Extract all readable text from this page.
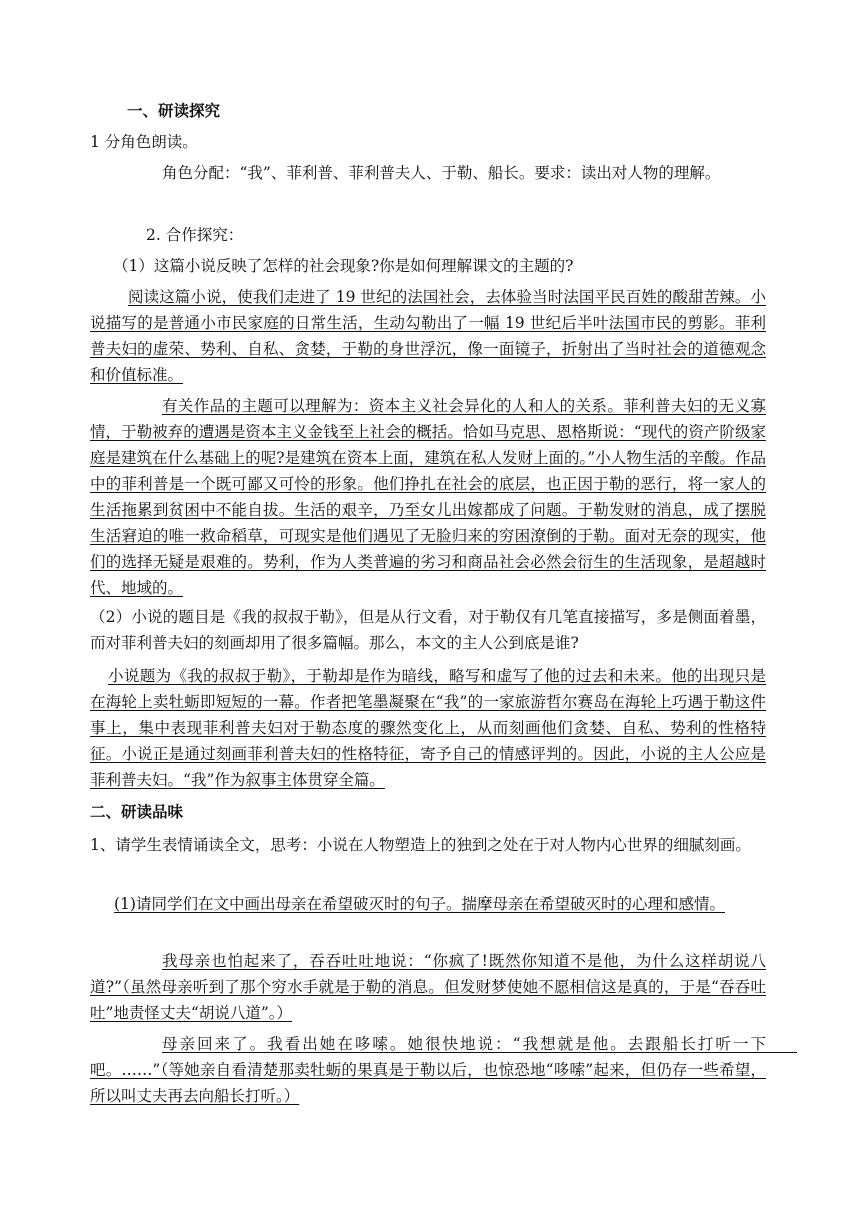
一、研读探究

1 分角色朗读。

角色分配：“我”、菲利普、菲利普夫人、于勒、船长。要求：读出对人物的理解。

2. 合作探究：

（1）这篇小说反映了怎样的社会现象?你是如何理解课文的主题的?

阅读这篇小说，使我们走进了 19 世纪的法国社会，去体验当时法国平民百姓的酸甜苦辣。小说描写的是普通小市民家庭的日常生活，生动勾勒出了一幅 19 世纪后半叶法国市民的剪影。菲利普夫妇的虚荣、势利、自私、贪婪，于勒的身世浮沉，像一面镜子，折射出了当时社会的道德观念和价值标准。

有关作品的主题可以理解为：资本主义社会异化的人和人的关系。菲利普夫妇的无义寡情，于勒被弃的遭遇是资本主义金钱至上社会的概括。恰如马克思、恩格斯说：“现代的资产阶级家庭是建筑在什么基础上的呢?是建筑在资本上面，建筑在私人发财上面的。”小人物生活的辛酸。作品中的菲利普是一个既可鄙又可怜的形象。他们挣扎在社会的底层，也正因于勒的恶行，将一家人的生活拖累到贫困中不能自拔。生活的艰辛，乃至女儿出嫁都成了问题。于勒发财的消息，成了摆脱生活窘迫的唯一救命稻草，可现实是他们遇见了无脸归来的穷困潦倒的于勒。面对无奈的现实，他们的选择无疑是艰难的。势利，作为人类普遍的劣习和商品社会必然会衍生的生活现象，是超越时代、地域的。

（2）小说的题目是《我的叔叔于勒》，但是从行文看，对于勒仅有几笔直接描写，多是侧面着墨，而对菲利普夫妇的刻画却用了很多篇幅。那么，本文的主人公到底是谁?

小说题为《我的叔叔于勒》，于勒却是作为暗线，略写和虚写了他的过去和未来。他的出现只是在海轮上卖牡蛎即短短的一幕。作者把笔墨凝聚在“我”的一家旅游哲尔赛岛在海轮上巧遇于勒这件事上，集中表现菲利普夫妇对于勒态度的骤然变化上，从而刻画他们贪婪、自私、势利的性格特征。小说正是通过刻画菲利普夫妇的性格特征，寄予自己的情感评判的。因此，小说的主人公应是菲利普夫妇。“我”作为叙事主体贯穿全篇。

二、研读品味

1、请学生表情诵读全文，思考：小说在人物塑造上的独到之处在于对人物内心世界的细腻刻画。

(1)请同学们在文中画出母亲在希望破灭时的句子。揣摩母亲在希望破灭时的心理和感情。

我母亲也怕起来了，吞吞吐吐地说：“你疯了!既然你知道不是他，为什么这样胡说八道?”（虽然母亲听到了那个穷水手就是于勒的消息。但发财梦使她不愿相信这是真的，于是“吞吞吐吐”地责怪丈夫“胡说八道”。）

母亲回来了。我看出她在哆嗦。她很快地说：“我想就是他。去跟船长打听一下　　吧。……”（等她亲自看清楚那卖牡蛎的果真是于勒以后，也惊恐地“哆嗦”起来，但仍存一些希望，所以叫丈夫再去向船长打听。）
